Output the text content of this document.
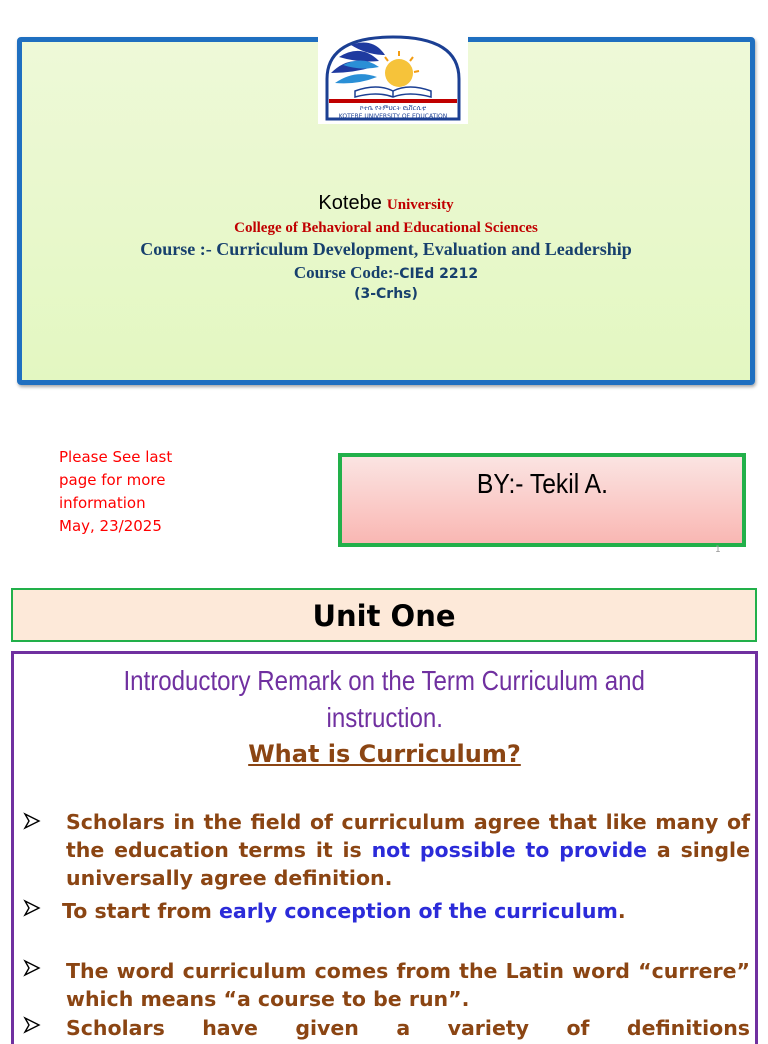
ኮተቤ የትምህርት ዩኒቨርሲቲ
KOTEBE UNIVERSITY OF EDUCATION

Kotebe University

College of Behavioral and Educational Sciences

Course :- Curriculum Development, Evaluation and Leadership

Course Code:-CIEd 2212

(3-Crhs)

Please See last
page for more
information
May, 23/2025
BY:- Tekil A.
1
Unit One
Introductory Remark on the Term Curriculum and
instruction.
What is Curriculum?
Scholars in the field of curriculum agree that like many of the education terms it is not possible to provide a single universally agree definition.
To start from early conception of the curriculum.
The word curriculum comes from the Latin word “currere” which means “a course to be run”.
Scholars have given a variety of definitions
